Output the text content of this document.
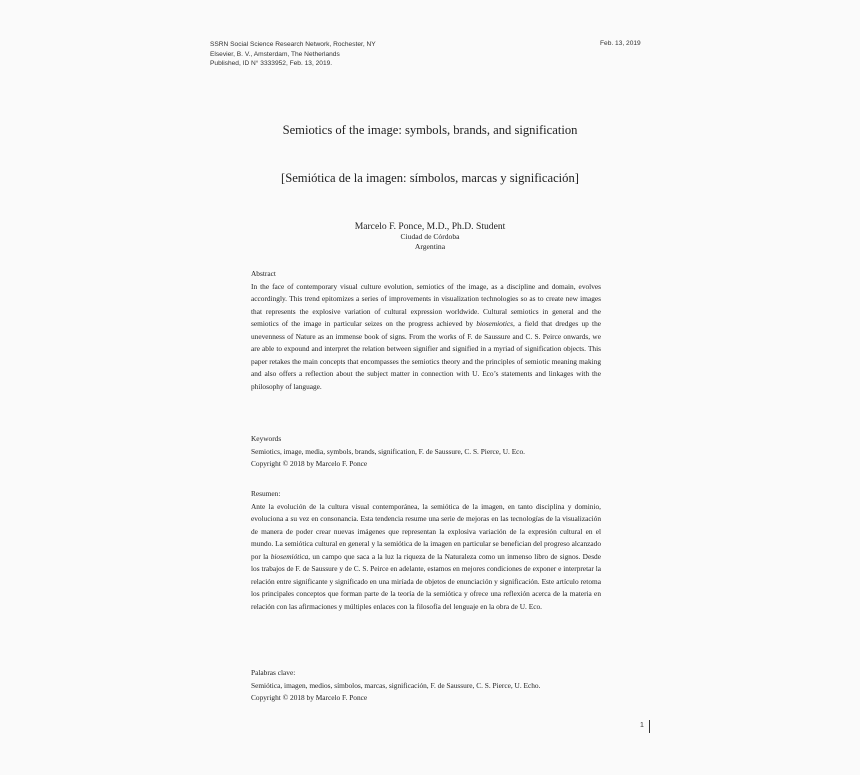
SSRN Social Science Research Network, Rochester, NY
Elsevier, B. V., Amsterdam, The Netherlands
Published, ID N° 3333952, Feb. 13, 2019.
Feb. 13, 2019
Semiotics of the image: symbols, brands, and signification
[Semiótica de la imagen: símbolos, marcas y significación]
Marcelo F. Ponce, M.D., Ph.D. Student
Ciudad de Córdoba
Argentina
Abstract
In the face of contemporary visual culture evolution, semiotics of the image, as a discipline and domain, evolves accordingly. This trend epitomizes a series of improvements in visualization technologies so as to create new images that represents the explosive variation of cultural expression worldwide. Cultural semiotics in general and the semiotics of the image in particular seizes on the progress achieved by biosemiotics, a field that dredges up the unevenness of Nature as an immense book of signs. From the works of F. de Saussure and C. S. Peirce onwards, we are able to expound and interpret the relation between signifier and signified in a myriad of signification objects. This paper retakes the main concepts that encompasses the semiotics theory and the principles of semiotic meaning making and also offers a reflection about the subject matter in connection with U. Eco’s statements and linkages with the philosophy of language.
Keywords
Semiotics, image, media, symbols, brands, signification, F. de Saussure, C. S. Pierce, U. Eco.
Copyright © 2018 by Marcelo F. Ponce
Resumen:
Ante la evolución de la cultura visual contemporánea, la semiótica de la imagen, en tanto disciplina y dominio, evoluciona a su vez en consonancia. Esta tendencia resume una serie de mejoras en las tecnologías de la visualización de manera de poder crear nuevas imágenes que representan la explosiva variación de la expresión cultural en el mundo. La semiótica cultural en general y la semiótica de la imagen en particular se benefician del progreso alcanzado por la biosemiótica, un campo que saca a la luz la riqueza de la Naturaleza como un inmenso libro de signos. Desde los trabajos de F. de Saussure y de C. S. Peirce en adelante, estamos en mejores condiciones de exponer e interpretar la relación entre significante y significado en una miríada de objetos de enunciación y significación. Este artículo retoma los principales conceptos que forman parte de la teoría de la semiótica y ofrece una reflexión acerca de la materia en relación con las afirmaciones y múltiples enlaces con la filosofía del lenguaje en la obra de U. Eco.
Palabras clave:
Semiótica, imagen, medios, símbolos, marcas, significación, F. de Saussure, C. S. Pierce, U. Echo.
Copyright © 2018 by Marcelo F. Ponce
1
